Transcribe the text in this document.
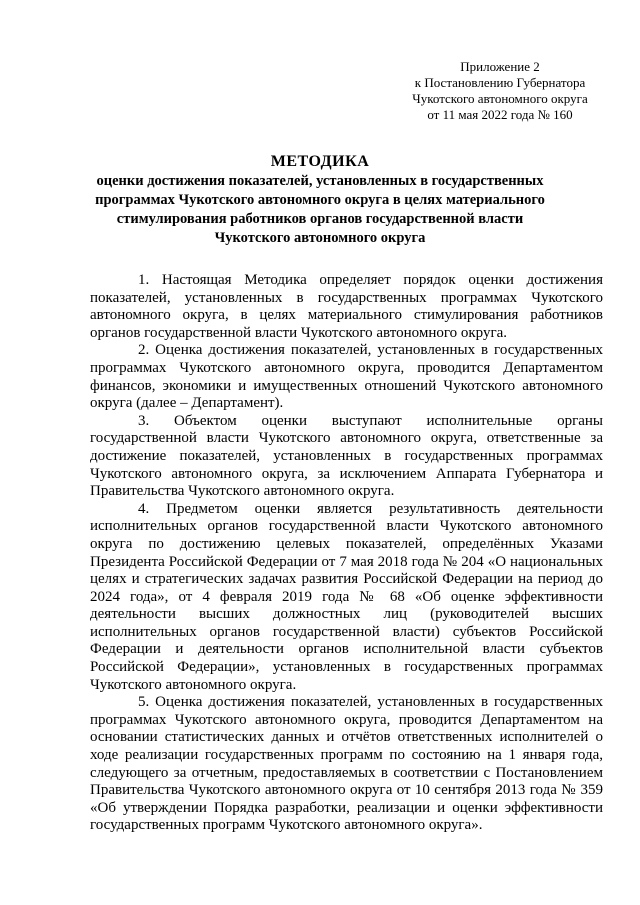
Приложение 2
к Постановлению Губернатора
Чукотского автономного округа
от 11 мая 2022 года № 160
МЕТОДИКА
оценки достижения показателей, установленных в государственных
программах Чукотского автономного округа в целях материального
стимулирования работников органов государственной власти
Чукотского автономного округа

1. Настоящая Методика определяет порядок оценки достижения показателей, установленных в государственных программах Чукотского автономного округа, в целях материального стимулирования работников органов государственной власти Чукотского автономного округа.

2. Оценка достижения показателей, установленных в государственных программах Чукотского автономного округа, проводится Департаментом финансов, экономики и имущественных отношений Чукотского автономного округа (далее – Департамент).

3. Объектом оценки выступают исполнительные органы государственной власти Чукотского автономного округа, ответственные за достижение показателей, установленных в государственных программах Чукотского автономного округа, за исключением Аппарата Губернатора и Правительства Чукотского автономного округа.

4. Предметом оценки является результативность деятельности исполнительных органов государственной власти Чукотского автономного округа по достижению целевых показателей, определённых Указами Президента Российской Федерации от 7 мая 2018 года № 204 «О национальных целях и стратегических задачах развития Российской Федерации на период до 2024 года», от 4 февраля 2019 года № 68 «Об оценке эффективности деятельности высших должностных лиц (руководителей высших исполнительных органов государственной власти) субъектов Российской Федерации и деятельности органов исполнительной власти субъектов Российской Федерации», установленных в государственных программах Чукотского автономного округа.

5. Оценка достижения показателей, установленных в государственных программах Чукотского автономного округа, проводится Департаментом на основании статистических данных и отчётов ответственных исполнителей о ходе реализации государственных программ по состоянию на 1 января года, следующего за отчетным, предоставляемых в соответствии с Постановлением Правительства Чукотского автономного округа от 10 сентября 2013 года № 359 «Об утверждении Порядка разработки, реализации и оценки эффективности государственных программ Чукотского автономного округа».
